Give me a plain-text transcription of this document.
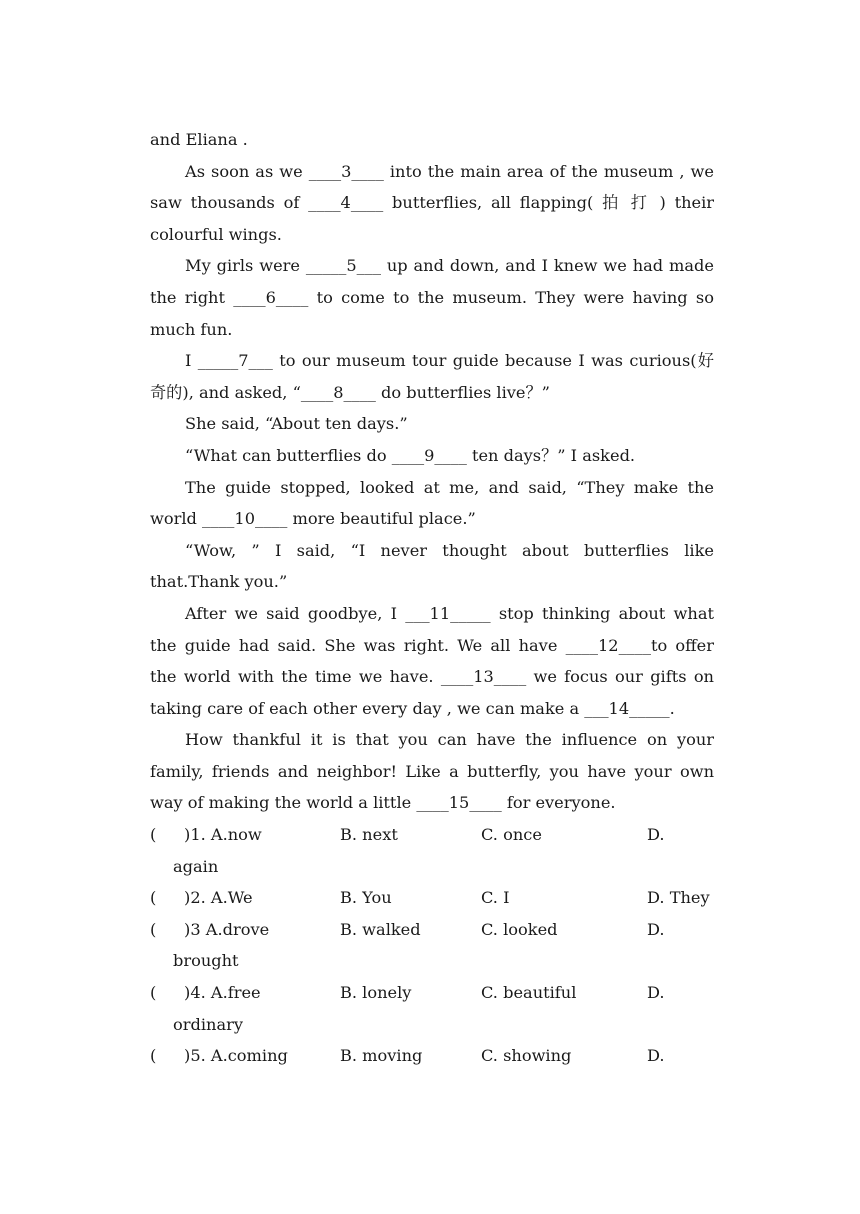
and Eliana .
As soon as we ____3____ into the main area of the museum , we
saw thousands of ____4____ butterflies, all flapping( 拍 打 ) their
colourful wings.
My girls were _____5___ up and down, and I knew we had made
the right ____6____ to come to the museum. They were having so
much fun.
I _____7___ to our museum tour guide because I was curious(好
奇的), and asked, “____8____ do butterflies live？”
She said, “About ten days.”
“What can butterflies do ____9____ ten days？” I asked.
The guide stopped, looked at me, and said, “They make the
world ____10____ more beautiful place.”
“Wow, ” I said, “I never thought about butterflies like
that.Thank you.”
After we said goodbye, I ___11_____ stop thinking about what
the guide had said. She was right. We all have ____12____to offer
the world with the time we have. ____13____ we focus our gifts on
taking care of each other every day , we can make a ___14_____.
How thankful it is that you can have the influence on your
family, friends and neighbor! Like a butterfly, you have your own
way of making the world a little ____15____ for everyone.
( )1. A.now	B. next	C. once	D.
again
( )2. A.We	B. You	C. I	D. They
( )3 A.drove	B. walked	C. looked	D.
brought
( )4. A.free	B. lonely	C. beautiful	D.
ordinary
( )5. A.coming	B. moving	C. showing	D.
